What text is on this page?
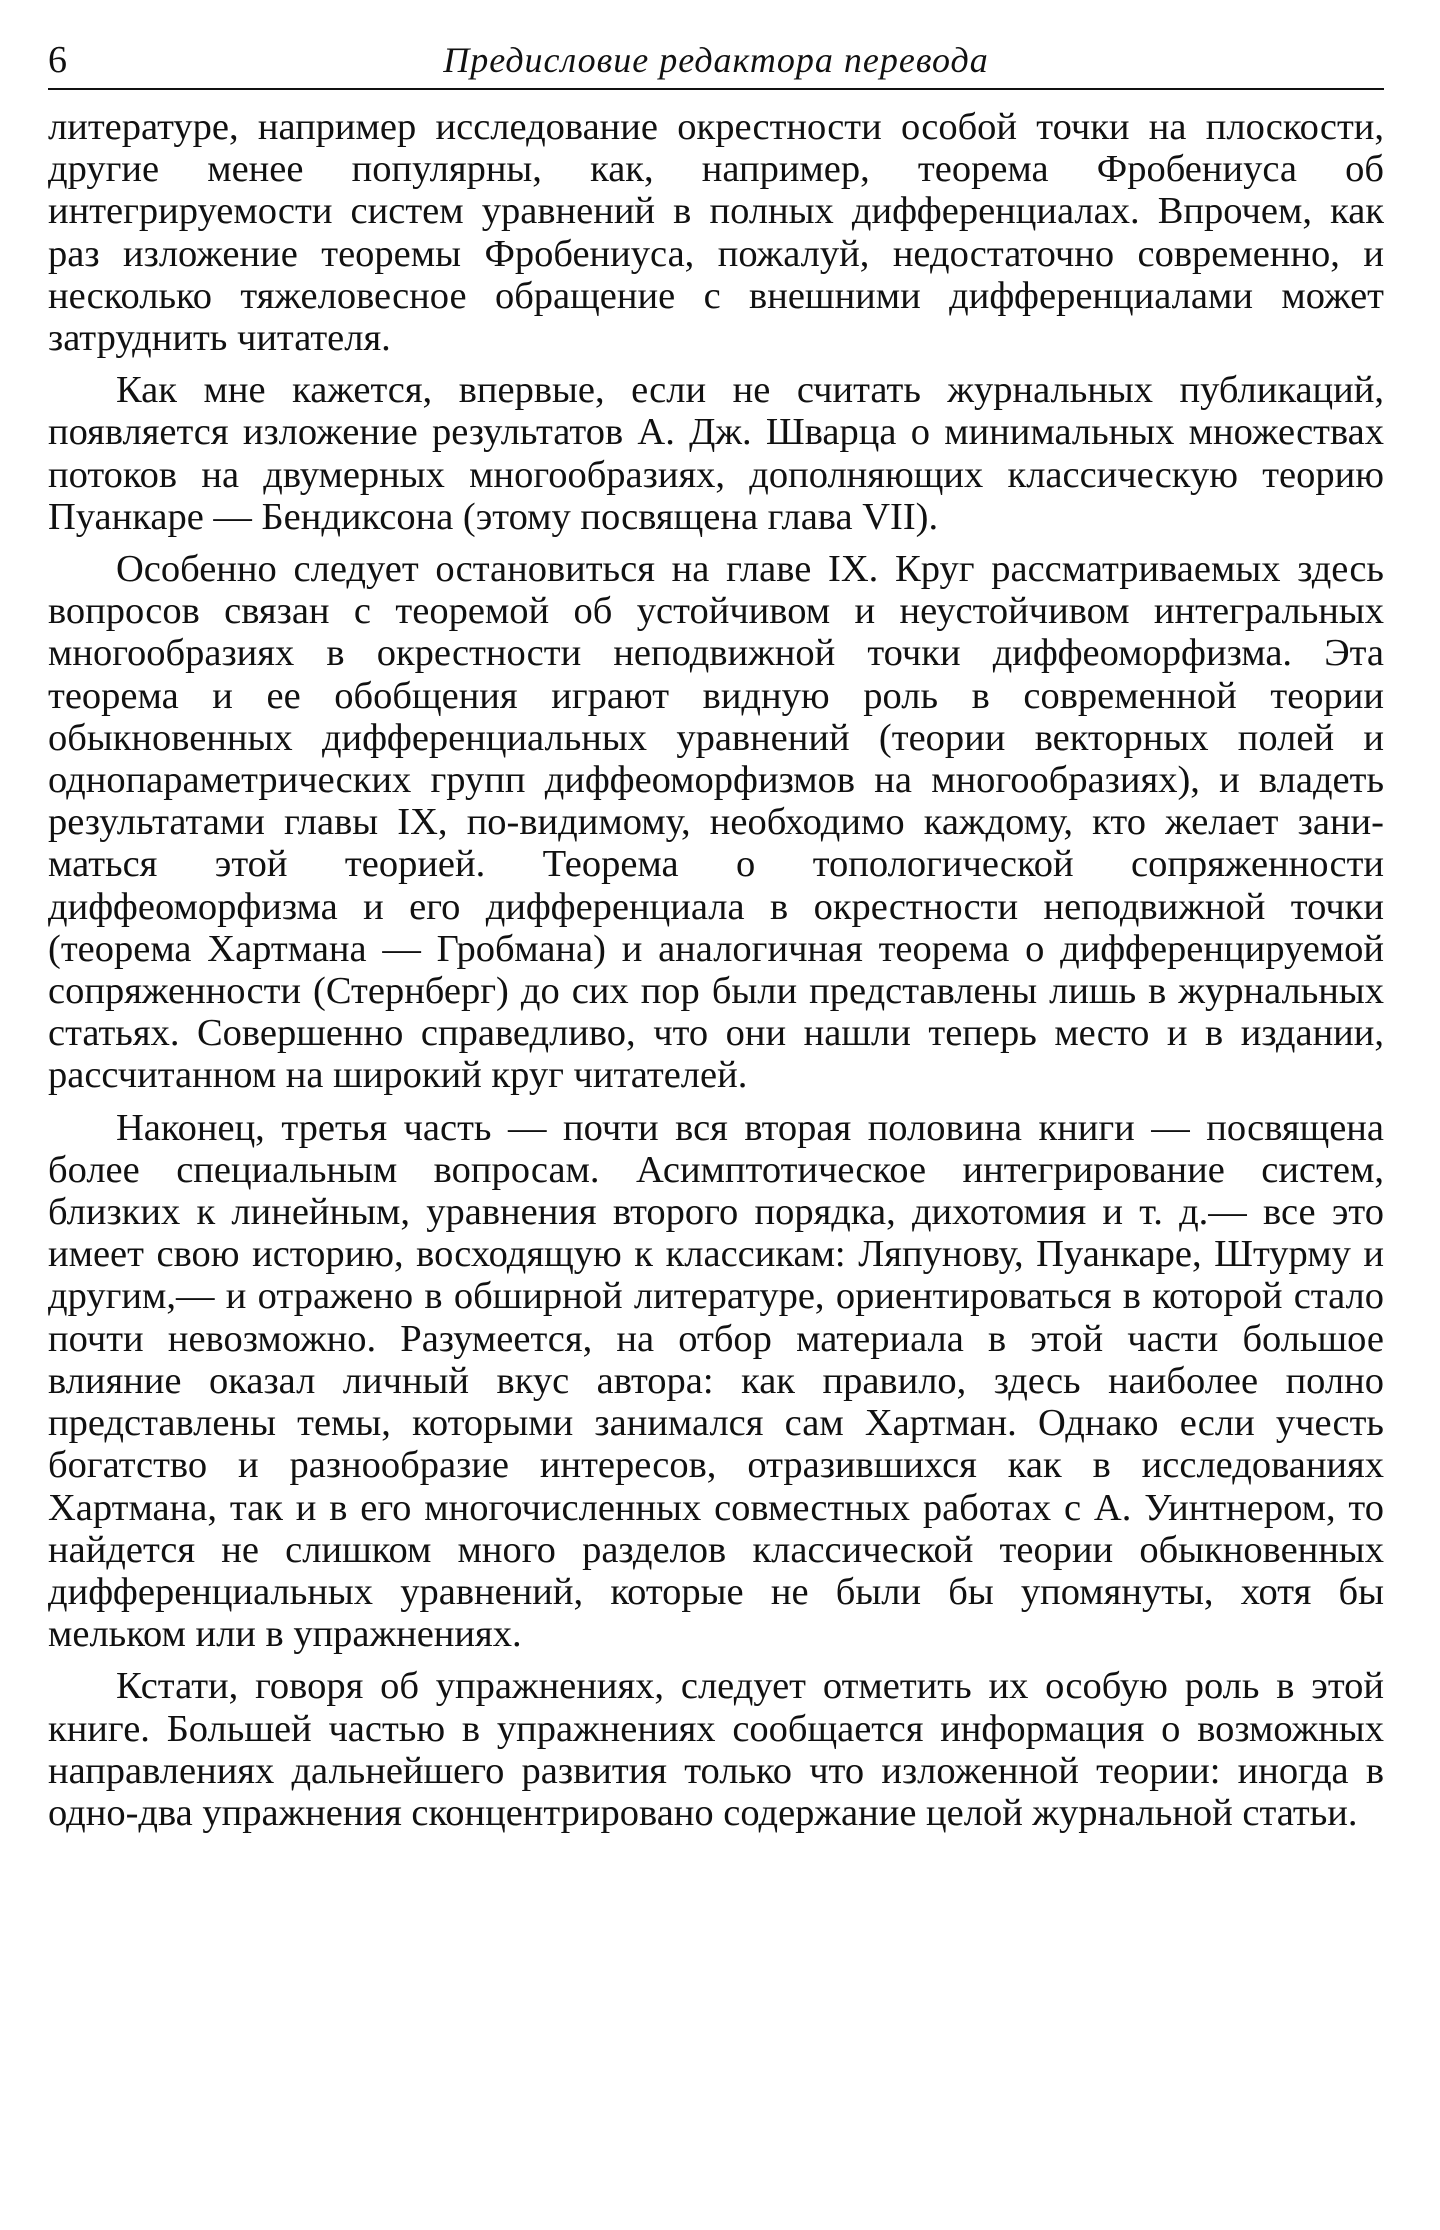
6	Предисловие редактора перевода

литературе, например исследование окрестности особой точки на плоскости, другие менее популярны, как, например, теорема Фробениуса об интегрируемости систем уравнений в полных дифференциалах. Впрочем, как раз изложение теоремы Фробениуса, пожалуй, недостаточно современно, и несколько тяжеловесное обращение с внешними дифференциалами может затруднить читателя.

Как мне кажется, впервые, если не считать журнальных публикаций, появляется изложение результатов А. Дж. Шварца о минимальных множествах потоков на двумерных многообразиях, дополняющих классическую теорию Пуанкаре — Бендиксона (этому посвящена глава VII).

Особенно следует остановиться на главе IX. Круг рассматриваемых здесь вопросов связан с теоремой об устойчивом и неустойчивом интегральных многообразиях в окрестности неподвижной точки диффеоморфизма. Эта теорема и ее обобщения играют видную роль в современной теории обыкновенных дифференциальных уравнений (теории векторных полей и однопараметрических групп диффеоморфизмов на многообразиях), и владеть результатами главы IX, по-видимому, необходимо каждому, кто желает заниматься этой теорией. Теорема о топологической сопряженности диффеоморфизма и его дифференциала в окрестности неподвижной точки (теорема Хартмана — Гробмана) и аналогичная теорема о дифференцируемой сопряженности (Стернберг) до сих пор были представлены лишь в журнальных статьях. Совершенно справедливо, что они нашли теперь место и в издании, рассчитанном на широкий круг читателей.

Наконец, третья часть — почти вся вторая половина книги — посвящена более специальным вопросам. Асимптотическое интегрирование систем, близких к линейным, уравнения второго порядка, дихотомия и т. д.— все это имеет свою историю, восходящую к классикам: Ляпунову, Пуанкаре, Штурму и другим,— и отражено в обширной литературе, ориентироваться в которой стало почти невозможно. Разумеется, на отбор материала в этой части большое влияние оказал личный вкус автора: как правило, здесь наиболее полно представлены темы, которыми занимался сам Хартман. Однако если учесть богатство и разнообразие интересов, отразившихся как в исследованиях Хартмана, так и в его многочисленных совместных работах с А. Уинтнером, то найдется не слишком много разделов классической теории обыкновенных дифференциальных уравнений, которые не были бы упомянуты, хотя бы мельком или в упражнениях.

Кстати, говоря об упражнениях, следует отметить их особую роль в этой книге. Большей частью в упражнениях сообщается информация о возможных направлениях дальнейшего развития только что изложенной теории: иногда в одно-два упражнения сконцентрировано содержание целой журнальной статьи.
